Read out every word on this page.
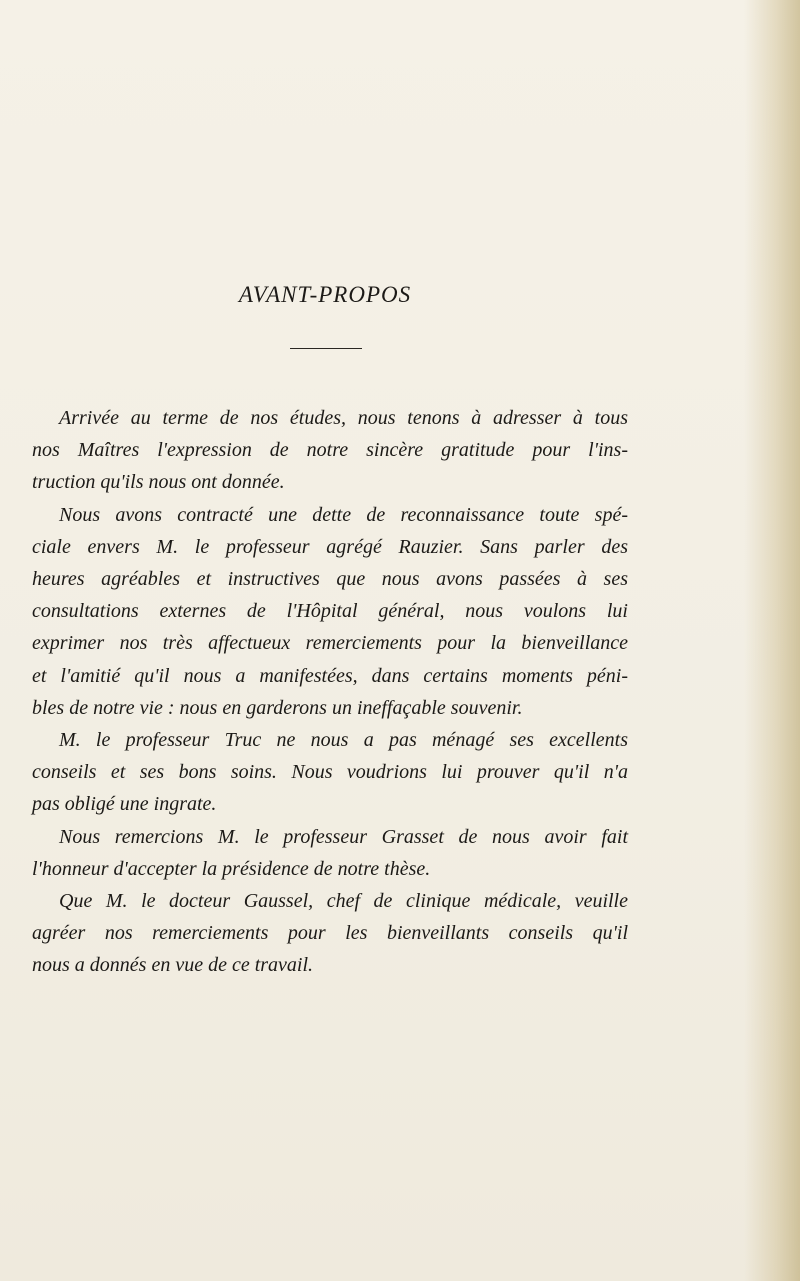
AVANT-PROPOS
Arrivée au terme de nos études, nous tenons à adresser à tous
nos Maîtres l'expression de notre sincère gratitude pour l'ins-
truction qu'ils nous ont donnée.
Nous avons contracté une dette de reconnaissance toute spé-
ciale envers M. le professeur agrégé Rauzier. Sans parler des
heures agréables et instructives que nous avons passées à ses
consultations externes de l'Hôpital général, nous voulons lui
exprimer nos très affectueux remerciements pour la bienveillance
et l'amitié qu'il nous a manifestées, dans certains moments péni-
bles de notre vie : nous en garderons un ineffaçable souvenir.
M. le professeur Truc ne nous a pas ménagé ses excellents
conseils et ses bons soins. Nous voudrions lui prouver qu'il n'a
pas obligé une ingrate.
Nous remercions M. le professeur Grasset de nous avoir fait
l'honneur d'accepter la présidence de notre thèse.
Que M. le docteur Gaussel, chef de clinique médicale, veuille
agréer nos remerciements pour les bienveillants conseils qu'il
nous a donnés en vue de ce travail.
